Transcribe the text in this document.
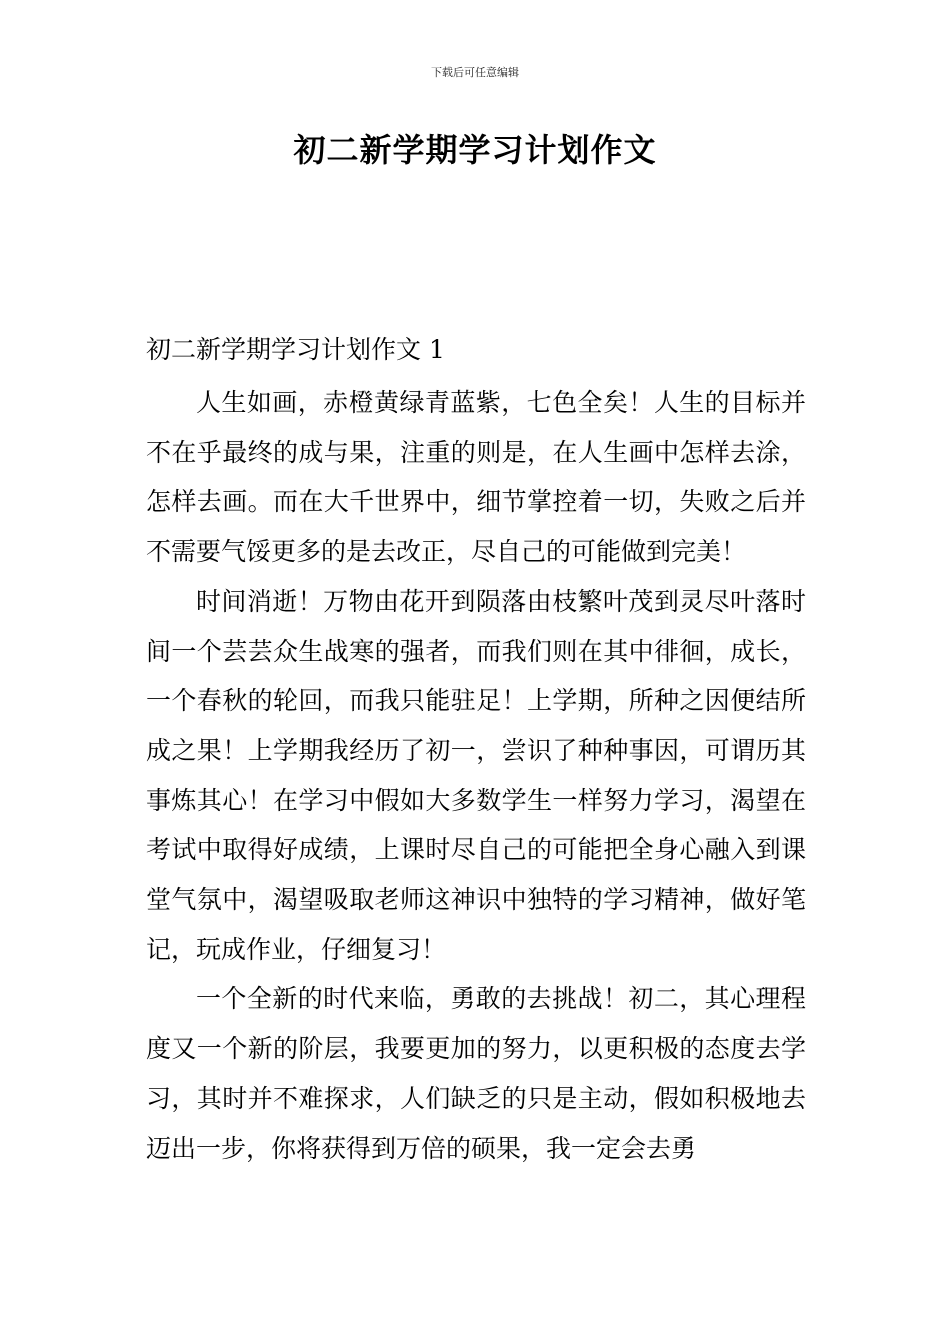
下载后可任意编辑
初二新学期学习计划作文
初二新学期学习计划作文 1

人生如画，赤橙黄绿青蓝紫，七色全矣！人生的目标并不在乎最终的成与果，注重的则是，在人生画中怎样去涂，怎样去画。而在大千世界中，细节掌控着一切，失败之后并不需要气馁更多的是去改正，尽自己的可能做到完美！

时间消逝！万物由花开到陨落由枝繁叶茂到灵尽叶落时间一个芸芸众生战寒的强者，而我们则在其中徘徊，成长，一个春秋的轮回，而我只能驻足！上学期，所种之因便结所成之果！上学期我经历了初一，尝识了种种事因，可谓历其事炼其心！在学习中假如大多数学生一样努力学习，渴望在考试中取得好成绩，上课时尽自己的可能把全身心融入到课堂气氛中，渴望吸取老师这神识中独特的学习精神，做好笔记，玩成作业，仔细复习！

一个全新的时代来临，勇敢的去挑战！初二，其心理程度又一个新的阶层，我要更加的努力，以更积极的态度去学习，其时并不难探求，人们缺乏的只是主动，假如积极地去迈出一步，你将获得到万倍的硕果，我一定会去勇
